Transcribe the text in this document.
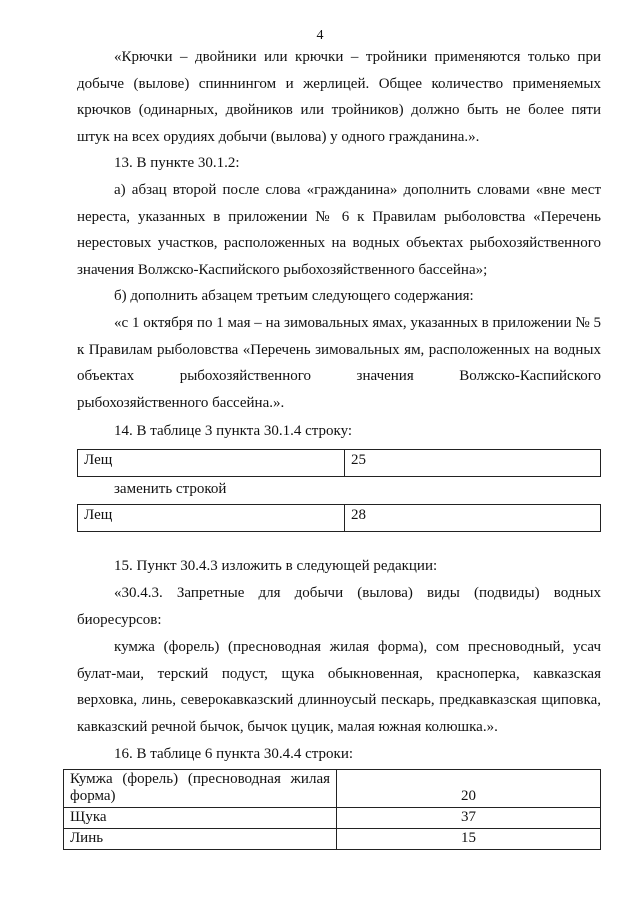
4

«Крючки – двойники или крючки – тройники применяются только при добыче (вылове) спиннингом и жерлицей. Общее количество применяемых крючков (одинарных, двойников или тройников) должно быть не более пяти штук на всех орудиях добычи (вылова) у одного гражданина.».

13. В пункте 30.1.2:

а) абзац второй после слова «гражданина» дополнить словами «вне мест нереста, указанных в приложении № 6 к Правилам рыболовства «Перечень нерестовых участков, расположенных на водных объектах рыбохозяйственного значения Волжско-Каспийского рыбохозяйственного бассейна»;

б) дополнить абзацем третьим следующего содержания:

«с 1 октября по 1 мая – на зимовальных ямах, указанных в приложении № 5 к Правилам рыболовства «Перечень зимовальных ям, расположенных на водных объектах рыбохозяйственного значения Волжско-Каспийского рыбохозяйственного бассейна.».

14. В таблице 3 пункта 30.1.4 строку:

Лещ	25
заменить строкой
Лещ	28

15. Пункт 30.4.3 изложить в следующей редакции:

«30.4.3. Запретные для добычи (вылова) виды (подвиды) водных биоресурсов:

кумжа (форель) (пресноводная жилая форма), сом пресноводный, усач булат-маи, терский подуст, щука обыкновенная, красноперка, кавказская верховка, линь, северокавказский длинноусый пескарь, предкавказская щиповка, кавказский речной бычок, бычок цуцик, малая южная колюшка.».

16. В таблице 6 пункта 30.4.4 строки:

Кумжа (форель) (пресноводная жилая форма)	20
Щука	37
Линь	15
